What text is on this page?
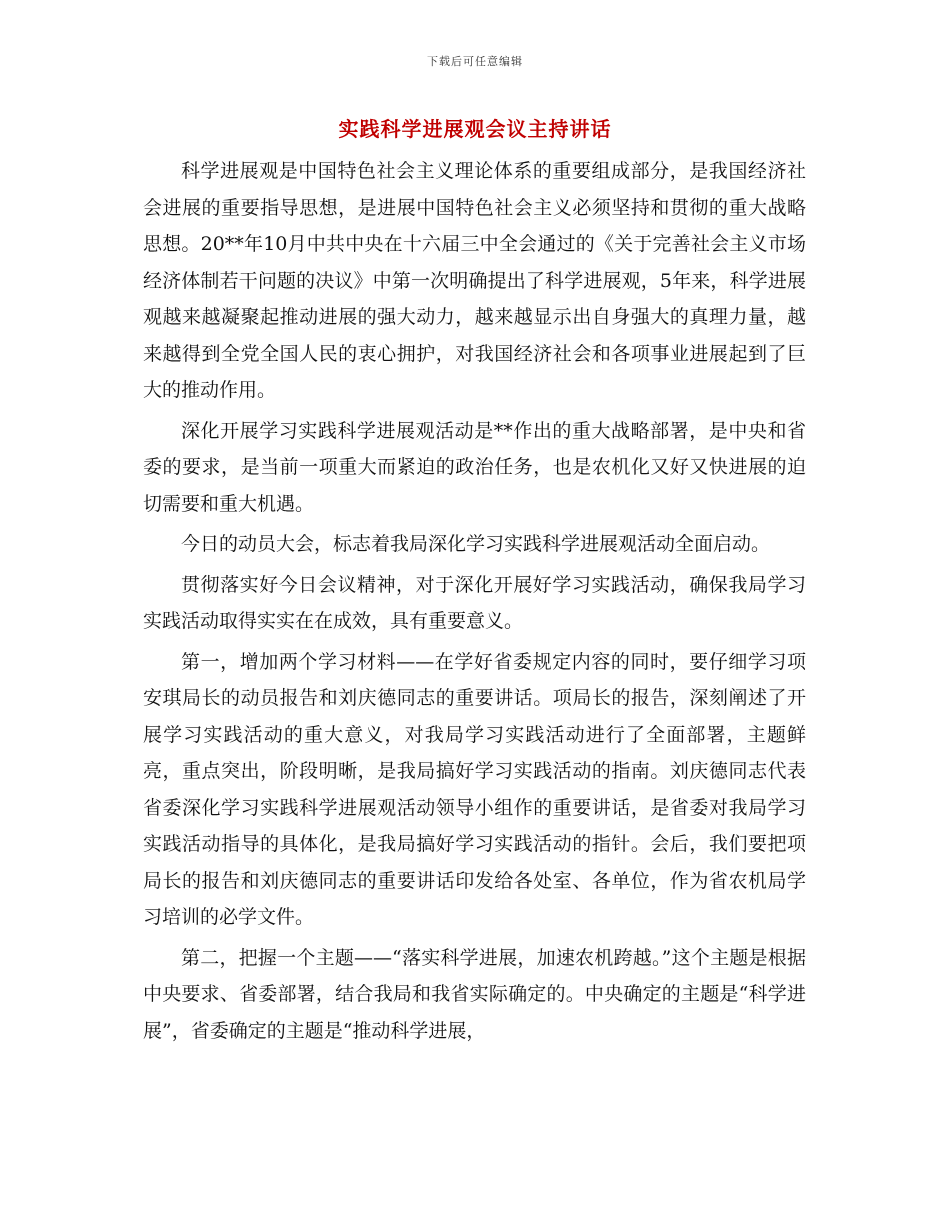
下载后可任意编辑
实践科学进展观会议主持讲话

科学进展观是中国特色社会主义理论体系的重要组成部分，是我国经济社会进展的重要指导思想，是进展中国特色社会主义必须坚持和贯彻的重大战略思想。20**年10月中共中央在十六届三中全会通过的《关于完善社会主义市场经济体制若干问题的决议》中第一次明确提出了科学进展观，5年来，科学进展观越来越凝聚起推动进展的强大动力，越来越显示出自身强大的真理力量，越来越得到全党全国人民的衷心拥护，对我国经济社会和各项事业进展起到了巨大的推动作用。

深化开展学习实践科学进展观活动是**作出的重大战略部署，是中央和省委的要求，是当前一项重大而紧迫的政治任务，也是农机化又好又快进展的迫切需要和重大机遇。

今日的动员大会，标志着我局深化学习实践科学进展观活动全面启动。

贯彻落实好今日会议精神，对于深化开展好学习实践活动，确保我局学习实践活动取得实实在在成效，具有重要意义。

第一，增加两个学习材料——在学好省委规定内容的同时，要仔细学习项安琪局长的动员报告和刘庆德同志的重要讲话。项局长的报告，深刻阐述了开展学习实践活动的重大意义，对我局学习实践活动进行了全面部署，主题鲜亮，重点突出，阶段明晰，是我局搞好学习实践活动的指南。刘庆德同志代表省委深化学习实践科学进展观活动领导小组作的重要讲话，是省委对我局学习实践活动指导的具体化，是我局搞好学习实践活动的指针。会后，我们要把项局长的报告和刘庆德同志的重要讲话印发给各处室、各单位，作为省农机局学习培训的必学文件。

第二，把握一个主题——“落实科学进展，加速农机跨越。”这个主题是根据中央要求、省委部署，结合我局和我省实际确定的。中央确定的主题是“科学进展”，省委确定的主题是“推动科学进展，
